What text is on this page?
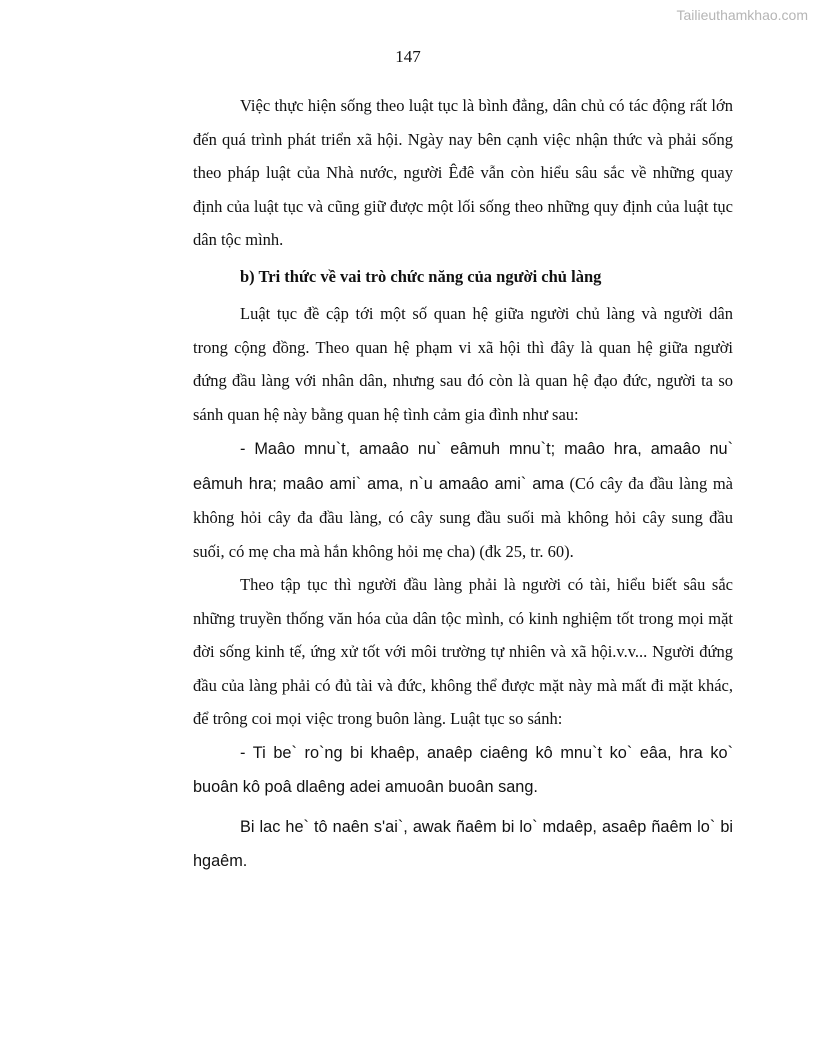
Tailieuthamkhao.com
147

Việc thực hiện sống theo luật tục là bình đẳng, dân chủ có tác động rất lớn đến quá trình phát triển xã hội. Ngày nay bên cạnh việc nhận thức và phải sống theo pháp luật của Nhà nước, người Êđê vẫn còn hiểu sâu sắc về những quay định của luật tục và cũng giữ được một lối sống theo những quy định của luật tục dân tộc mình.

b) Tri thức về vai trò chức năng của người chủ làng

Luật tục đề cập tới một số quan hệ giữa người chủ làng và người dân trong cộng đồng. Theo quan hệ phạm vi xã hội thì đây là quan hệ giữa người đứng đầu làng với nhân dân, nhưng sau đó còn là quan hệ đạo đức, người ta so sánh quan hệ này bằng quan hệ tình cảm gia đình như sau:

- Maâo mnu`t, amaâo nu` eâmuh mnu`t; maâo hra, amaâo nu` eâmuh hra; maâo ami` ama, n`u amaâo ami` ama (Có cây đa đầu làng mà không hỏi cây đa đầu làng, có cây sung đầu suối mà không hỏi cây sung đầu suối, có mẹ cha mà hắn không hỏi mẹ cha) (đk 25, tr. 60).

Theo tập tục thì người đầu làng phải là người có tài, hiểu biết sâu sắc những truyền thống văn hóa của dân tộc mình, có kinh nghiệm tốt trong mọi mặt đời sống kinh tế, ứng xử tốt với môi trường tự nhiên và xã hội.v.v... Người đứng đầu của làng phải có đủ tài và đức, không thể được mặt này mà mất đi mặt khác, để trông coi mọi việc trong buôn làng. Luật tục so sánh:

- Ti be` ro`ng bi khaêp, anaêp ciaêng kô mnu`t ko` eâa, hra ko` buoân kô poâ dlaêng adei amuoân buoân sang.

Bi lac he` tô naên s'ai`, awak ñaêm bi lo` mdaêp, asaêp ñaêm lo` bi hgaêm.
